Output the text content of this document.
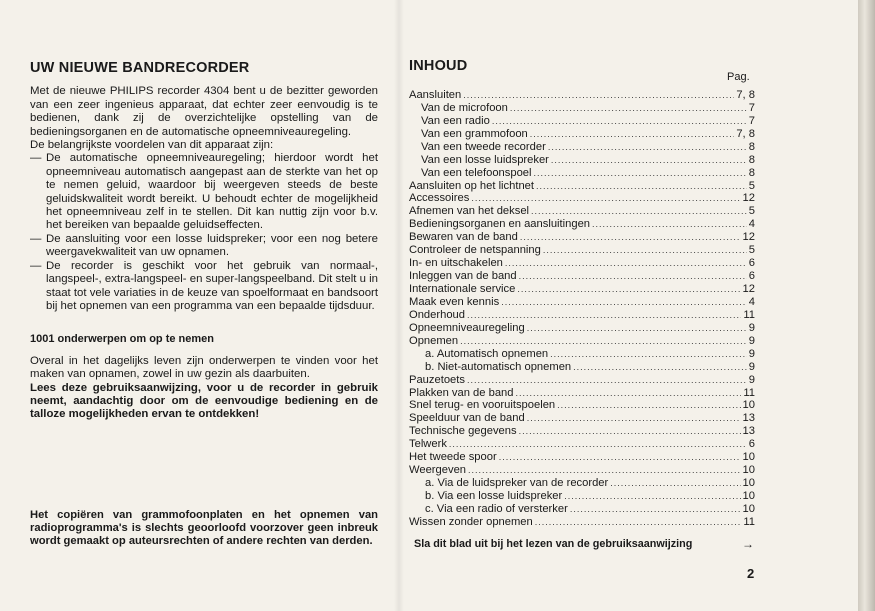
UW NIEUWE BANDRECORDER

Met de nieuwe PHILIPS recorder 4304 bent u de bezitter geworden van een zeer ingenieus apparaat, dat echter zeer eenvoudig is te bedienen, dank zij de overzichtelijke opstelling van de bedieningsorganen en de automatische opneemniveauregeling.

De belangrijkste voordelen van dit apparaat zijn:

— De automatische opneemniveauregeling; hierdoor wordt het opneemniveau automatisch aangepast aan de sterkte van het op te nemen geluid, waardoor bij weergeven steeds de beste geluidskwaliteit wordt bereikt. U behoudt echter de mogelijkheid het opneemniveau zelf in te stellen. Dit kan nuttig zijn voor b.v. het bereiken van bepaalde geluidseffecten.
— De aansluiting voor een losse luidspreker; voor een nog betere weergavekwaliteit van uw opnamen.
— De recorder is geschikt voor het gebruik van normaal-, langspeel-, extra-langspeel- en super-langspeelband. Dit stelt u in staat tot vele variaties in de keuze van spoelformaat en bandsoort bij het opnemen van een programma van een bepaalde tijdsduur.
1001 onderwerpen om op te nemen

Overal in het dagelijks leven zijn onderwerpen te vinden voor het maken van opnamen, zowel in uw gezin als daarbuiten.

Lees deze gebruiksaanwijzing, voor u de recorder in gebruik neemt, aandachtig door om de eenvoudige bediening en de talloze mogelijkheden ervan te ontdekken!

Het copiëren van grammofoonplaten en het opnemen van radioprogramma's is slechts geoorloofd voorzover geen inbreuk wordt gemaakt op auteursrechten of andere rechten van derden.
INHOUD
Pag.
Aansluiten .....	7, 8
Van de microfoon .....	7
Van een radio .....	7
Van een grammofoon .....	7, 8
Van een tweede recorder .....	8
Van een losse luidspreker .....	8
Van een telefoonspoel .....	8
Aansluiten op het lichtnet .....	5
Accessoires .....	12
Afnemen van het deksel .....	5
Bedieningsorganen en aansluitingen .....	4
Bewaren van de band .....	12
Controleer de netspanning .....	5
In- en uitschakelen .....	6
Inleggen van de band .....	6
Internationale service .....	12
Maak even kennis .....	4
Onderhoud .....	11
Opneemniveauregeling .....	9
Opnemen .....	9
a. Automatisch opnemen .....	9
b. Niet-automatisch opnemen .....	9
Pauzetoets .....	9
Plakken van de band .....	11
Snel terug- en vooruitspoelen .....	10
Speelduur van de band .....	13
Technische gegevens .....	13
Telwerk .....	6
Het tweede spoor .....	10
Weergeven .....	10
a. Via de luidspreker van de recorder .....	10
b. Via een losse luidspreker .....	10
c. Via een radio of versterker .....	10
Wissen zonder opnemen .....	11
Sla dit blad uit bij het lezen van de gebruiksaanwijzing	→
2
